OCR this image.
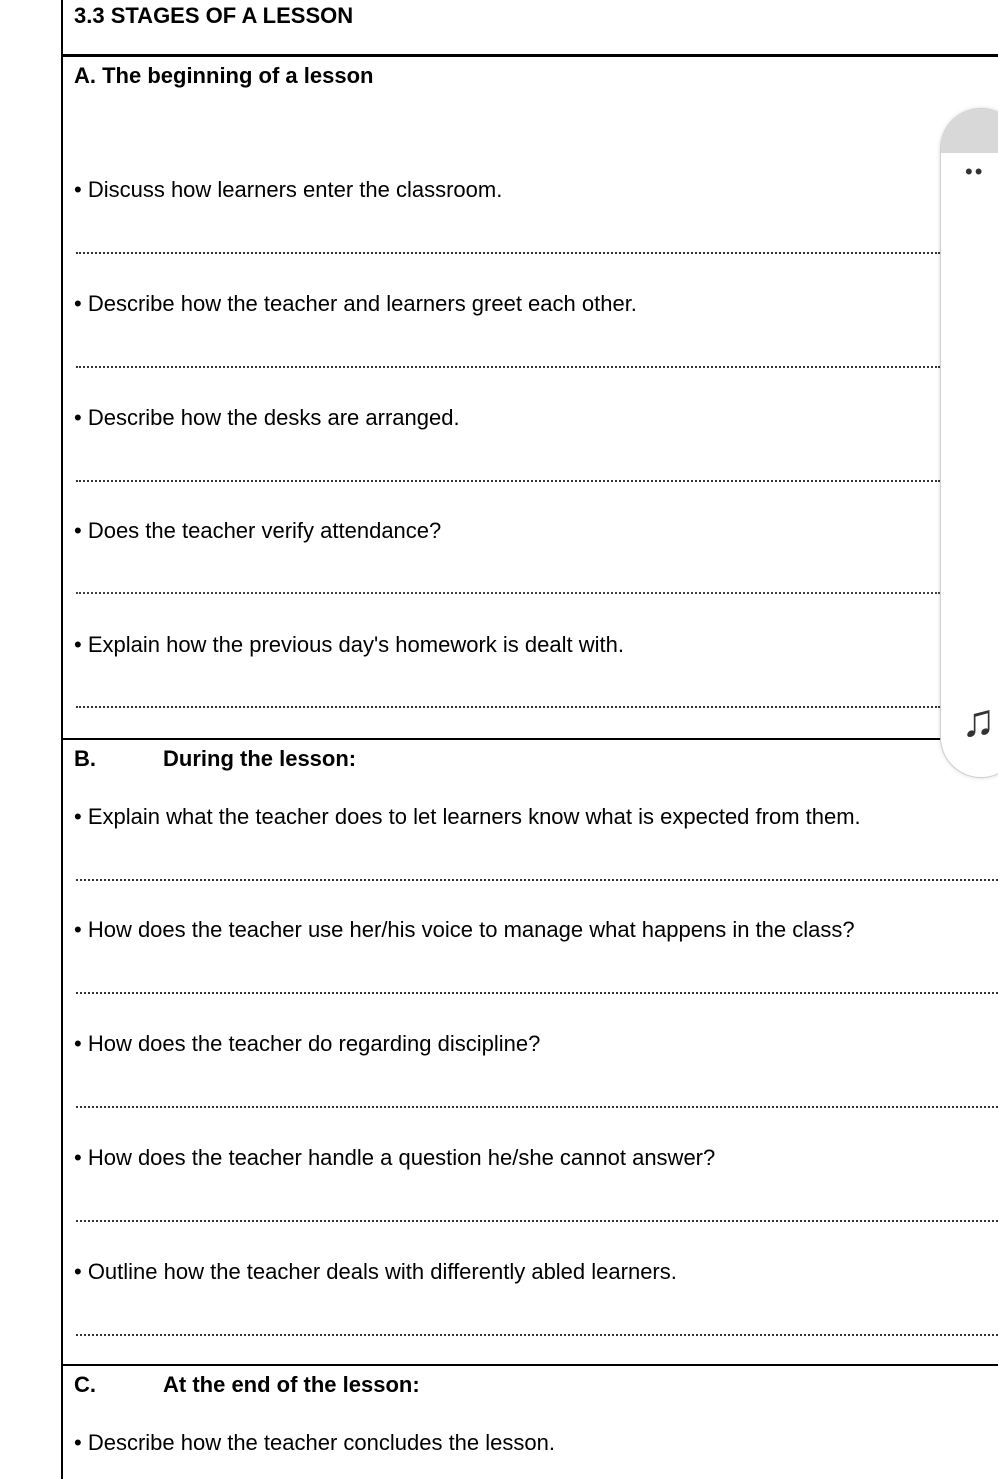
3.3 STAGES OF A LESSON
A. The beginning of a lesson
• Discuss how learners enter the classroom.
• Describe how the teacher and learners greet each other.
• Describe how the desks are arranged.
• Does the teacher verify attendance?
• Explain how the previous day's homework is dealt with.
B.	During the lesson:
• Explain what the teacher does to let learners know what is expected from them.
• How does the teacher use her/his voice to manage what happens in the class?
• How does the teacher do regarding discipline?
• How does the teacher handle a question he/she cannot answer?
• Outline how the teacher deals with differently abled learners.
C.	At the end of the lesson:
• Describe how the teacher concludes the lesson.
••
♫
